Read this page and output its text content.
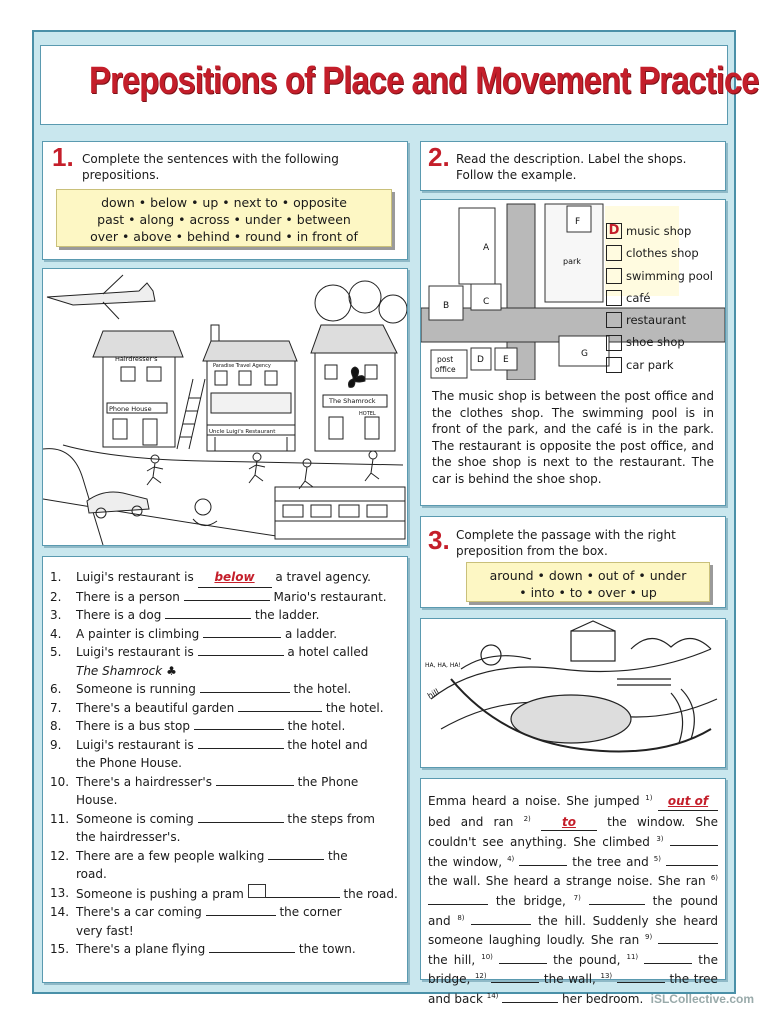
Prepositions of Place and Movement Practice
1. Complete the sentences with the following prepositions.
down • below • up • next to • opposite
past • along • across • under • between
over • above • behind • round • in front of
2. Read the description. Label the shops. Follow the example.
Hairdresser's
Phone House
Paradise Travel Agency
Uncle Luigi's Restaurant
The Shamrock
HOTEL
A
F
park
B	C
post
office
D E
G
D music shop
clothes shop
swimming pool
café
restaurant
shoe shop
car park
The music shop is between the post office and the clothes shop. The swimming pool is in front of the park, and the café is in the park. The restaurant is opposite the post office, and the shoe shop is next to the restaurant. The car is behind the shoe shop.
3. Complete the passage with the right preposition from the box.
around • down • out of • under
• into • to • over • up
HA, HA, HA!
hill
Emma heard a noise. She jumped $^{1)}$ out of bed and ran $^{2)}$	to	the window. She couldn't see anything. She climbed $^{3)}$  the window, $^{4)}$	the tree and $^{5)}$  the wall. She heard a strange noise. She ran $^{6)}$  the bridge, $^{7)}$	the pound and $^{8)}$	the hill. Suddenly she heard someone laughing loudly. She ran $^{9)}$  the hill, $^{10)}$	the pound, $^{11)}$	the bridge, $^{12)}$	the wall, $^{13)}$	the tree and back $^{14)}$	her bedroom.
1.	Luigi's restaurant is below a travel agency.
2.	There is a person	Mario's restaurant.
3.	There is a dog	the ladder.
4.	A painter is climbing	a ladder.
5.	Luigi's restaurant is	a hotel called
The Shamrock ♣
6.	Someone is running	the hotel.
7.	There's a beautiful garden	the hotel.
8.	There is a bus stop	the hotel.
9.	Luigi's restaurant is	the hotel and
the Phone House.
10. There's a hairdresser's	the Phone
House.
11. Someone is coming	the steps from
the hairdresser's.
12. There are a few people walking	the
road.
13. Someone is pushing a pram	the road.
14. There's a car coming	the corner
very fast!
15. There's a plane flying	the town.
iSLCollective.com
